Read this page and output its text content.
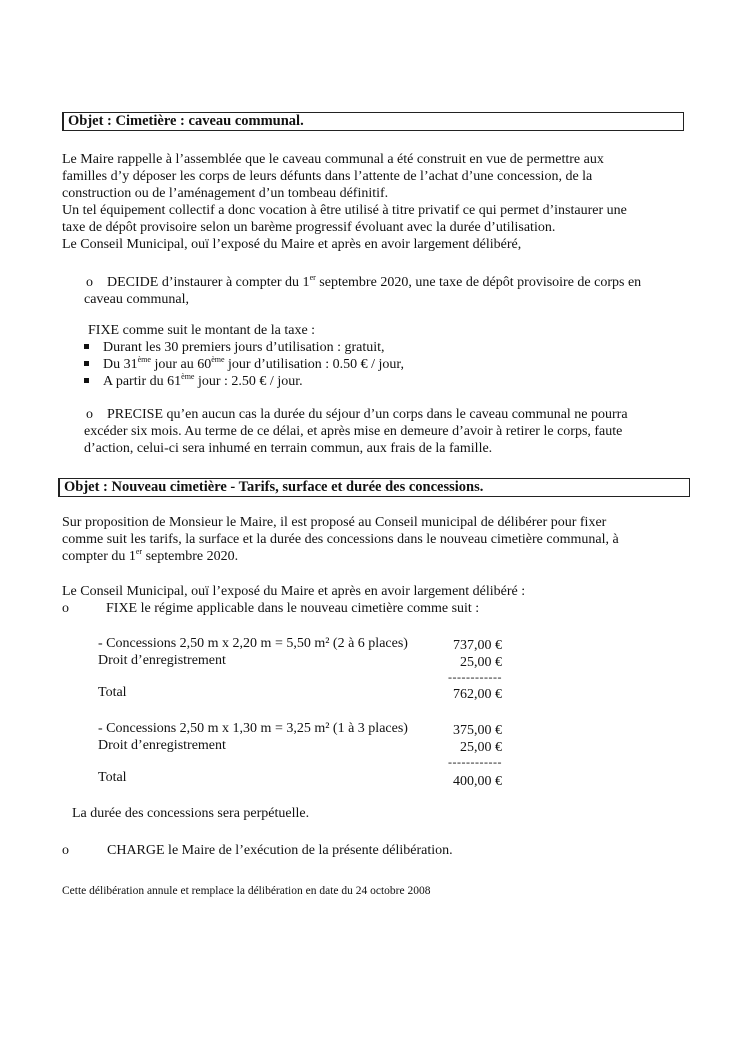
Objet : Cimetière : caveau communal.
Le Maire rappelle à l’assemblée que le caveau communal a été construit en vue de permettre aux
familles d’y déposer les corps de leurs défunts dans l’attente de l’achat d’une concession, de la
construction ou de l’aménagement d’un tombeau définitif.
Un tel équipement collectif a donc vocation à être utilisé à titre privatif ce qui permet d’instaurer une
taxe de dépôt provisoire selon un barème progressif évoluant avec la durée d’utilisation.
Le Conseil Municipal, ouï l’exposé du Maire et après en avoir largement délibéré,
o DECIDE d’instaurer à compter du 1er septembre 2020, une taxe de dépôt provisoire de corps en
caveau communal,
FIXE comme suit le montant de la taxe :
Durant les 30 premiers jours d’utilisation : gratuit,
Du 31ème jour au 60ème jour d’utilisation : 0.50 € / jour,
A partir du 61ème jour : 2.50 € / jour.
o PRECISE qu’en aucun cas la durée du séjour d’un corps dans le caveau communal ne pourra
excéder six mois. Au terme de ce délai, et après mise en demeure d’avoir à retirer le corps, faute
d’action, celui-ci sera inhumé en terrain commun, aux frais de la famille.
Objet : Nouveau cimetière - Tarifs, surface et durée des concessions.
Sur proposition de Monsieur le Maire, il est proposé au Conseil municipal de délibérer pour fixer
comme suit les tarifs, la surface et la durée des concessions dans le nouveau cimetière communal, à
compter du 1er septembre 2020.
Le Conseil Municipal, ouï l’exposé du Maire et après en avoir largement délibéré :
o	FIXE le régime applicable dans le nouveau cimetière comme suit :
- Concessions 2,50 m x 2,20 m = 5,50 m² (2 à 6 places)	737,00 €
Droit d’enregistrement	25,00 €
------------
Total	762,00 €
- Concessions 2,50 m x 1,30 m = 3,25 m² (1 à 3 places)	375,00 €
Droit d’enregistrement	25,00 €
------------
Total	400,00 €
La durée des concessions sera perpétuelle.
o	CHARGE le Maire de l’exécution de la présente délibération.
Cette délibération annule et remplace la délibération en date du 24 octobre 2008
